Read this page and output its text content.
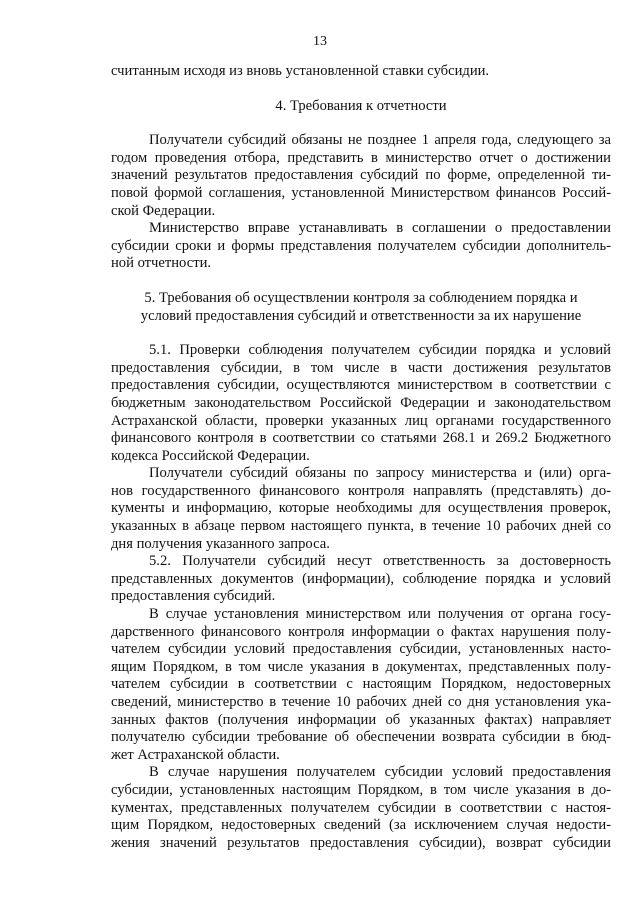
13
считанным исходя из вновь установленной ставки субсидии.
4. Требования к отчетности
Получатели субсидий обязаны не позднее 1 апреля года, следующего за
годом проведения отбора, представить в министерство отчет о достижении
значений результатов предоставления субсидий по форме, определенной ти-
повой формой соглашения, установленной Министерством финансов Россий-
ской Федерации.
Министерство вправе устанавливать в соглашении о предоставлении
субсидии сроки и формы представления получателем субсидии дополнитель-
ной отчетности.
5. Требования об осуществлении контроля за соблюдением порядка и
условий предоставления субсидий и ответственности за их нарушение
5.1. Проверки соблюдения получателем субсидии порядка и условий
предоставления субсидии, в том числе в части достижения результатов
предоставления субсидии, осуществляются министерством в соответствии с
бюджетным законодательством Российской Федерации и законодательством
Астраханской области, проверки указанных лиц органами государственного
финансового контроля в соответствии со статьями 268.1 и 269.2 Бюджетного
кодекса Российской Федерации.
Получатели субсидий обязаны по запросу министерства и (или) орга-
нов государственного финансового контроля направлять (представлять) до-
кументы и информацию, которые необходимы для осуществления проверок,
указанных в абзаце первом настоящего пункта, в течение 10 рабочих дней со
дня получения указанного запроса.
5.2. Получатели субсидий несут ответственность за достоверность
представленных документов (информации), соблюдение порядка и условий
предоставления субсидий.
В случае установления министерством или получения от органа госу-
дарственного финансового контроля информации о фактах нарушения полу-
чателем субсидии условий предоставления субсидии, установленных насто-
ящим Порядком, в том числе указания в документах, представленных полу-
чателем субсидии в соответствии с настоящим Порядком, недостоверных
сведений, министерство в течение 10 рабочих дней со дня установления ука-
занных фактов (получения информации об указанных фактах) направляет
получателю субсидии требование об обеспечении возврата субсидии в бюд-
жет Астраханской области.
В случае нарушения получателем субсидии условий предоставления
субсидии, установленных настоящим Порядком, в том числе указания в до-
кументах, представленных получателем субсидии в соответствии с настоя-
щим Порядком, недостоверных сведений (за исключением случая недости-
жения значений результатов предоставления субсидии), возврат субсидии
